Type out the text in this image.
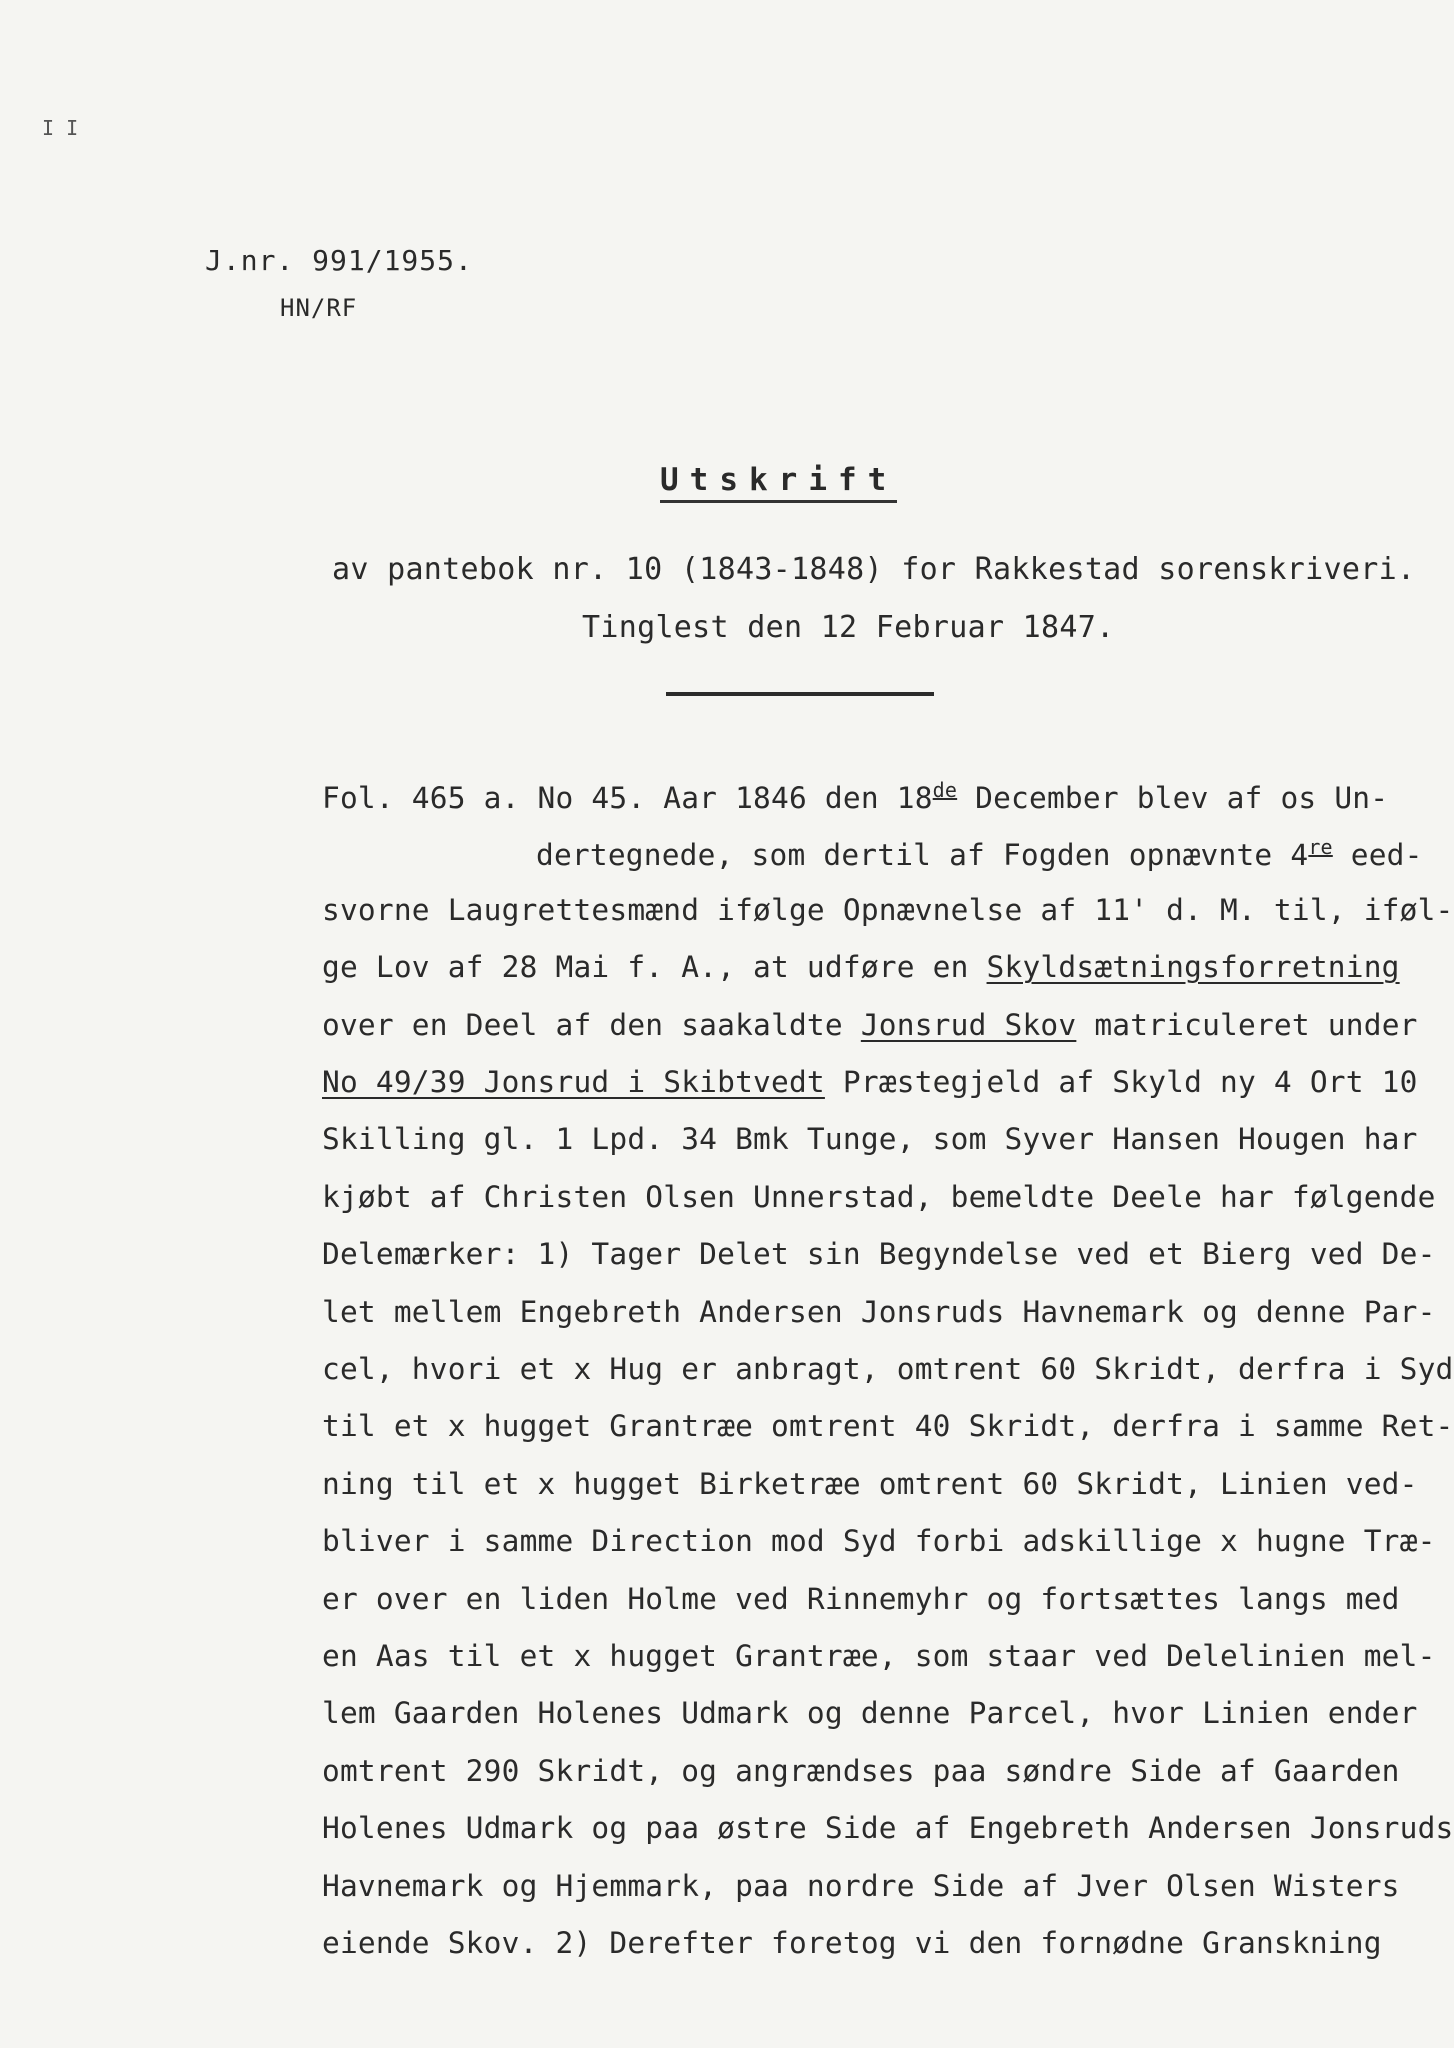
I I
J.nr. 991/1955.
HN/RF
Utskrift
av pantebok nr. 10 (1843-1848) for Rakkestad sorenskriveri.
Tinglest den 12 Februar 1847.
Fol. 465 a. No 45. Aar 1846 den 18de December blev af os Un-
dertegnede, som dertil af Fogden opnævnte 4re eed-
svorne Laugrettesmænd ifølge Opnævnelse af 11' d. M. til, iføl-
ge Lov af 28 Mai f. A., at udføre en Skyldsætningsforretning
over en Deel af den saakaldte Jonsrud Skov matriculeret under
No 49/39 Jonsrud i Skibtvedt Præstegjeld af Skyld ny 4 Ort 10
Skilling gl. 1 Lpd. 34 Bmk Tunge, som Syver Hansen Hougen har
kjøbt af Christen Olsen Unnerstad, bemeldte Deele har følgende
Delemærker: 1) Tager Delet sin Begyndelse ved et Bierg ved De-
let mellem Engebreth Andersen Jonsruds Havnemark og denne Par-
cel, hvori et x Hug er anbragt, omtrent 60 Skridt, derfra i Syd
til et x hugget Grantræe omtrent 40 Skridt, derfra i samme Ret-
ning til et x hugget Birketræe omtrent 60 Skridt, Linien ved-
bliver i samme Direction mod Syd forbi adskillige x hugne Træ-
er over en liden Holme ved Rinnemyhr og fortsættes langs med
en Aas til et x hugget Grantræe, som staar ved Delelinien mel-
lem Gaarden Holenes Udmark og denne Parcel, hvor Linien ender
omtrent 290 Skridt, og angrændses paa søndre Side af Gaarden
Holenes Udmark og paa østre Side af Engebreth Andersen Jonsruds
Havnemark og Hjemmark, paa nordre Side af Jver Olsen Wisters
eiende Skov. 2) Derefter foretog vi den fornødne Granskning
